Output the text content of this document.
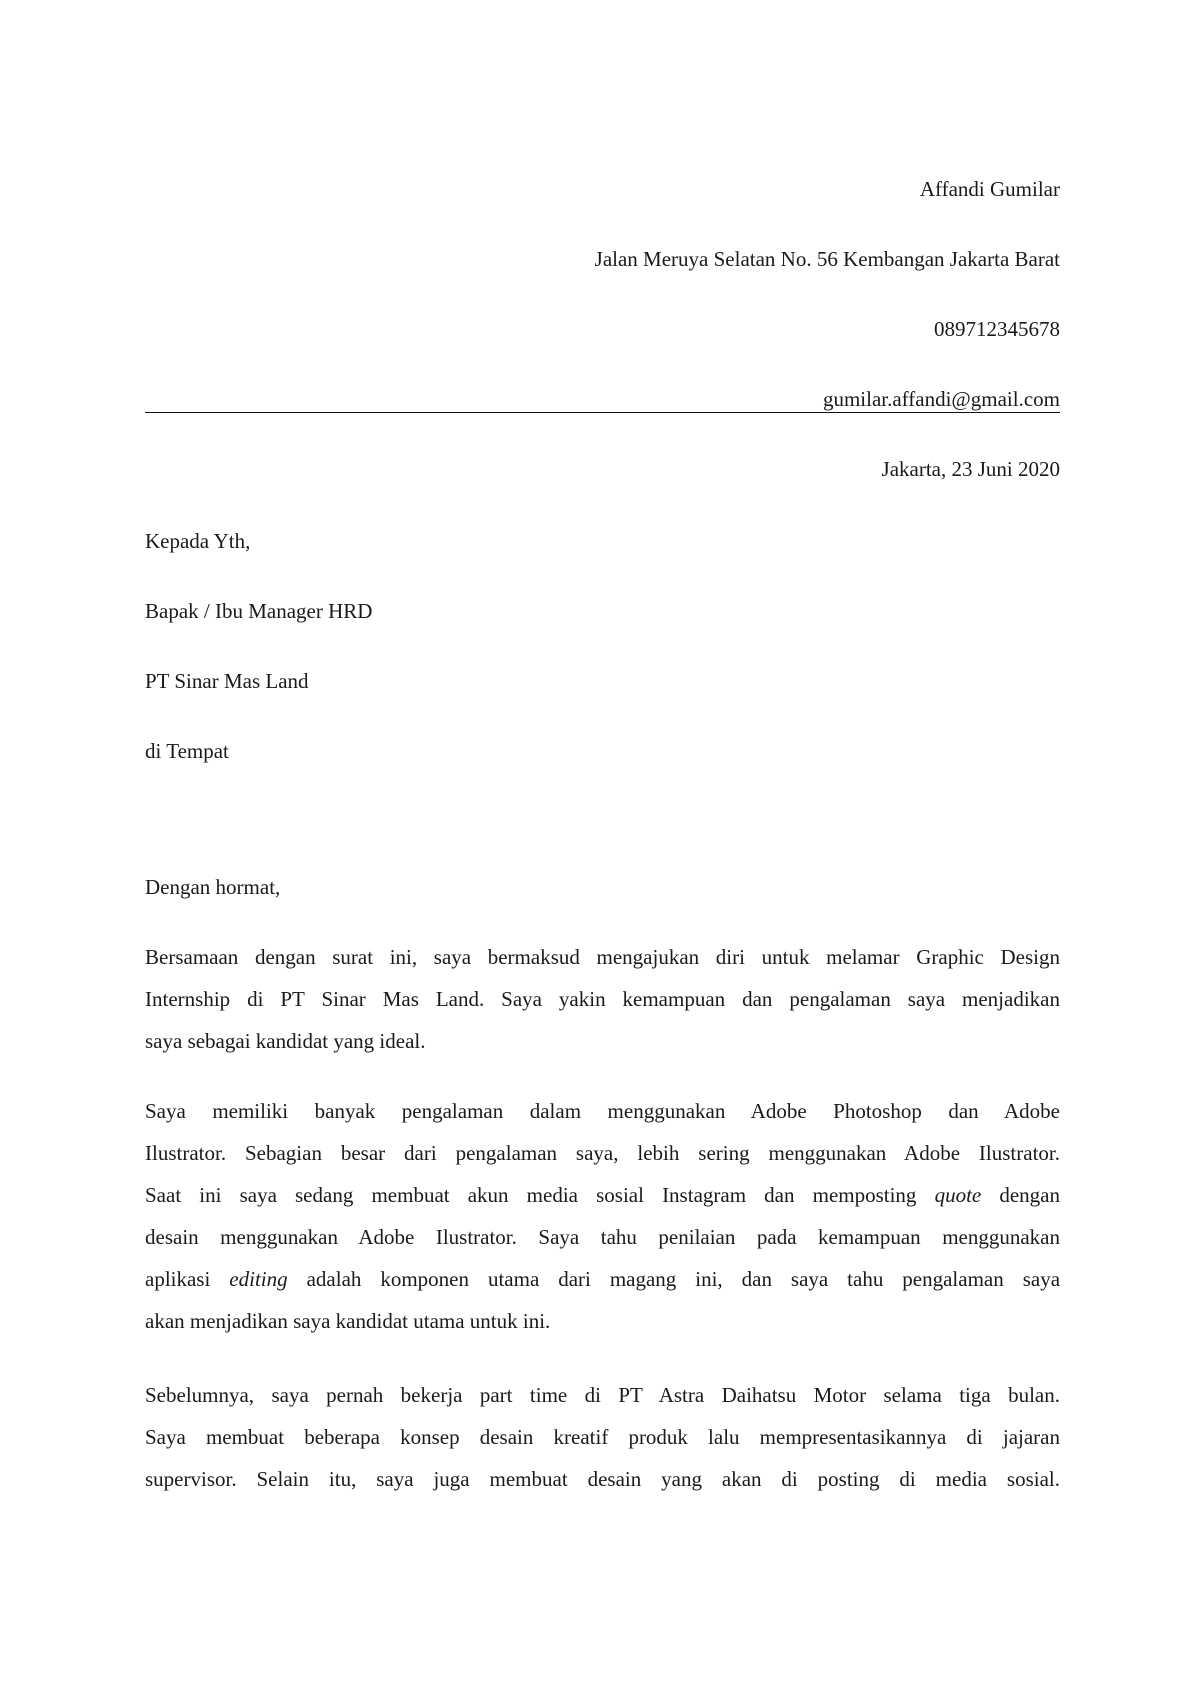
Affandi Gumilar
Jalan Meruya Selatan No. 56 Kembangan Jakarta Barat
089712345678
gumilar.affandi@gmail.com
Jakarta, 23 Juni 2020
Kepada Yth,
Bapak / Ibu Manager HRD
PT Sinar Mas Land
di Tempat
Dengan hormat,
Bersamaan dengan surat ini, saya bermaksud mengajukan diri untuk melamar Graphic Design
Internship di PT Sinar Mas Land. Saya yakin kemampuan dan pengalaman saya menjadikan
saya sebagai kandidat yang ideal.
Saya memiliki banyak pengalaman dalam menggunakan Adobe Photoshop dan Adobe
Ilustrator. Sebagian besar dari pengalaman saya, lebih sering menggunakan Adobe Ilustrator.
Saat ini saya sedang membuat akun media sosial Instagram dan memposting quote dengan
desain menggunakan Adobe Ilustrator. Saya tahu penilaian pada kemampuan menggunakan
aplikasi editing adalah komponen utama dari magang ini, dan saya tahu pengalaman saya
akan menjadikan saya kandidat utama untuk ini.
Sebelumnya, saya pernah bekerja part time di PT Astra Daihatsu Motor selama tiga bulan.
Saya membuat beberapa konsep desain kreatif produk lalu mempresentasikannya di jajaran
supervisor. Selain itu, saya juga membuat desain yang akan di posting di media sosial.
